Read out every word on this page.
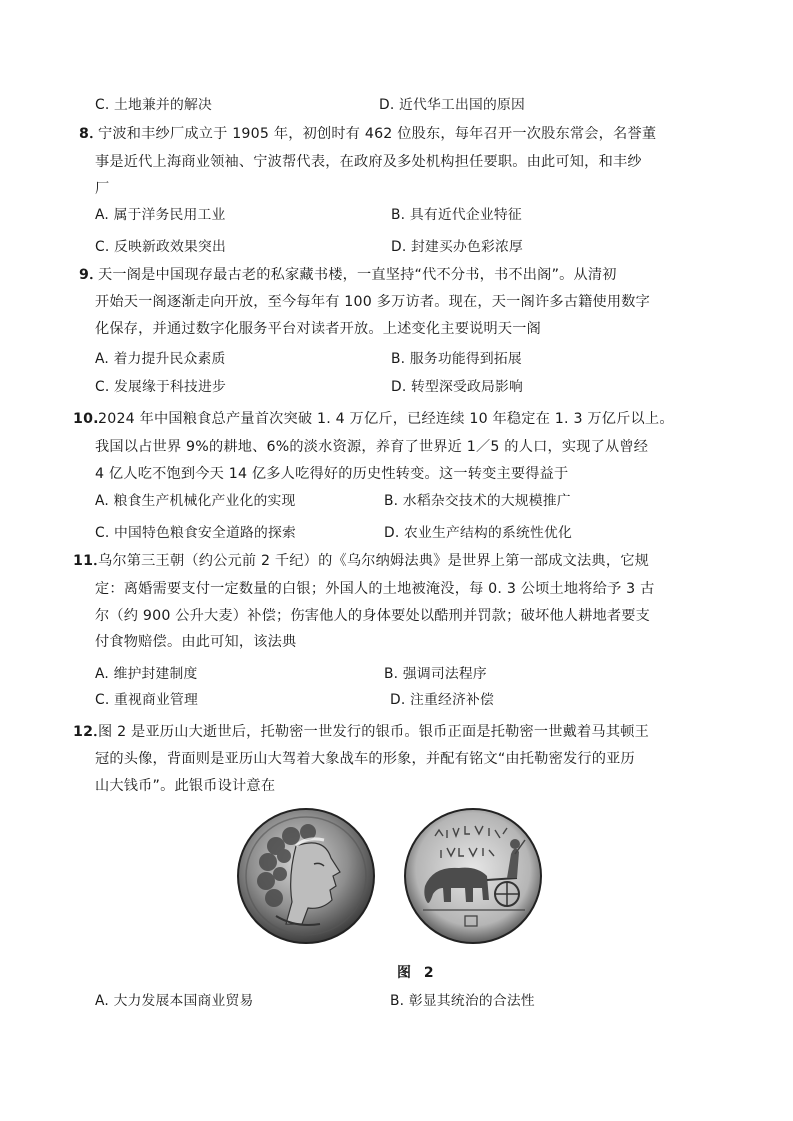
C. 土地兼并的解决	D. 近代华工出国的原因
8．
宁波和丰纱厂成立于 1905 年，初创时有 462 位股东，每年召开一次股东常会，名誉董
事是近代上海商业领袖、宁波帮代表，在政府及多处机构担任要职。由此可知，和丰纱
厂
A. 属于洋务民用工业	B. 具有近代企业特征
C. 反映新政效果突出	D. 封建买办色彩浓厚
9．
天一阁是中国现存最古老的私家藏书楼，一直坚持“代不分书，书不出阁”。从清初
开始天一阁逐渐走向开放，至今每年有 100 多万访者。现在，天一阁许多古籍使用数字
化保存，并通过数字化服务平台对读者开放。上述变化主要说明天一阁
A. 着力提升民众素质	B. 服务功能得到拓展
C. 发展缘于科技进步	D. 转型深受政局影响
10. 2024 年中国粮食总产量首次突破 1. 4 万亿斤，已经连续 10 年稳定在 1. 3 万亿斤以上。
我国以占世界 9%的耕地、6%的淡水资源，养育了世界近 1／5 的人口，实现了从曾经
4 亿人吃不饱到今天 14 亿多人吃得好的历史性转变。这一转变主要得益于
A. 粮食生产机械化产业化的实现	B. 水稻杂交技术的大规模推广
C. 中国特色粮食安全道路的探索	D. 农业生产结构的系统性优化
11．
乌尔第三王朝（约公元前 2 千纪）的《乌尔纳姆法典》是世界上第一部成文法典，它规
定：离婚需要支付一定数量的白银；外国人的土地被淹没，每 0. 3 公顷土地将给予 3 古
尔（约 900 公升大麦）补偿；伤害他人的身体要处以酷刑并罚款；破坏他人耕地者要支
付食物赔偿。由此可知，该法典
A. 维护封建制度	B. 强调司法程序
C. 重视商业管理	D. 注重经济补偿
12．
图 2 是亚历山大逝世后，托勒密一世发行的银币。银币正面是托勒密一世戴着马其顿王
冠的头像，背面则是亚历山大驾着大象战车的形象，并配有铭文“由托勒密发行的亚历
山大钱币”。此银币设计意在
图 2
A. 大力发展本国商业贸易	B. 彰显其统治的合法性
